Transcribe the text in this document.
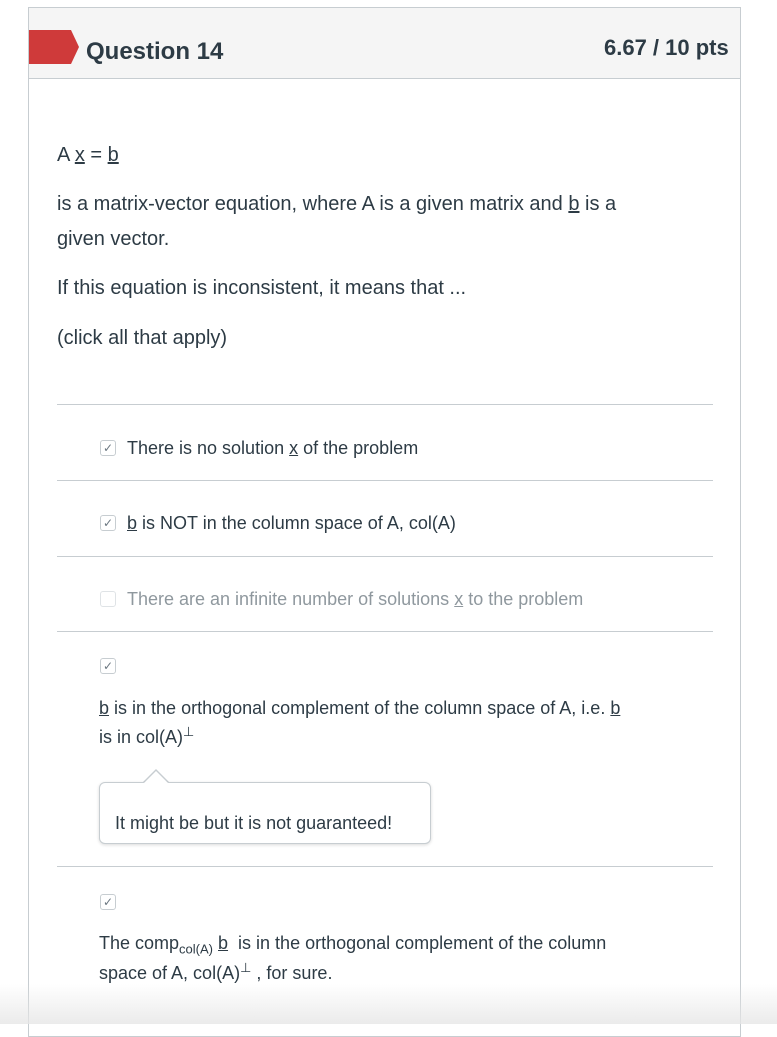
Question 14	6.67 / 10 pts
A x = b
is a matrix-vector equation, where A is a given matrix and b is a
given vector.
If this equation is inconsistent, it means that ...
(click all that apply)
✓ There is no solution x of the problem
✓ b is NOT in the column space of A, col(A)
There are an infinite number of solutions x to the problem
✓
b is in the orthogonal complement of the column space of A, i.e. b
is in col(A)⊥
It might be but it is not guaranteed!
✓
The comp$_{col(A)}$ b is in the orthogonal complement of the column
space of A, col(A)⊥ , for sure.
